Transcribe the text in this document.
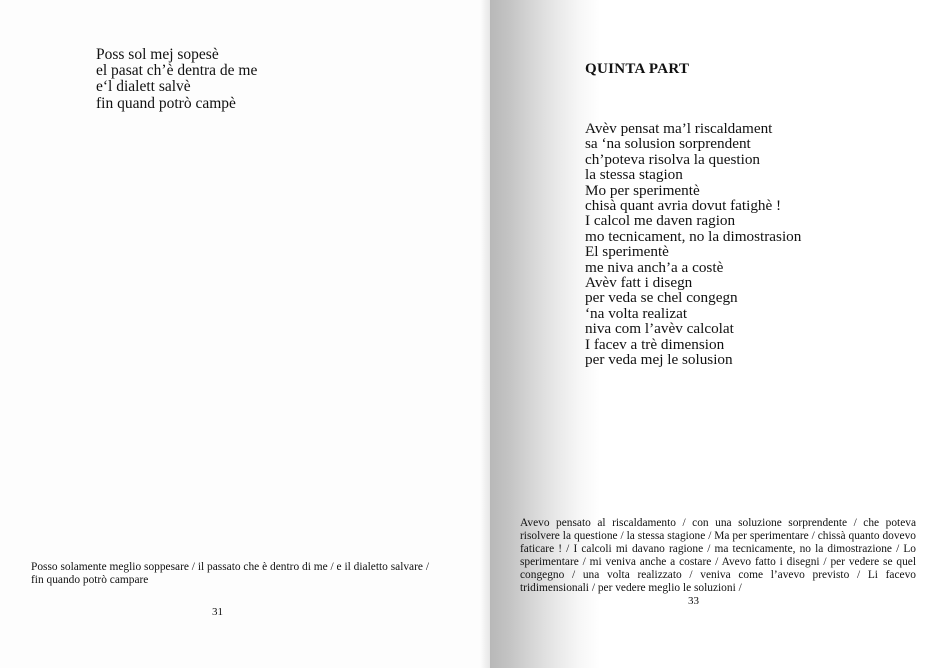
Poss sol mej sopesè
el pasat ch’è dentra de me
e‘l dialett salvè
fin quand potrò campè

Posso solamente meglio soppesare / il passato che è dentro di me / e il dialetto salvare / fin quando potrò campare

31
QUINTA PART
Avèv pensat ma’l riscaldament
sa ‘na solusion sorprendent
ch’poteva risolva la question
la stessa stagion
Mo per sperimentè
chisà quant avria dovut fatighè !
I calcol me daven ragion
mo tecnicament, no la dimostrasion
El sperimentè
me niva anch’a a costè
Avèv fatt i disegn
per veda se chel congegn
‘na volta realizat
niva com l’avèv calcolat
I facev a trè dimension
per veda mej le solusion

Avevo pensato al riscaldamento / con una soluzione sorprendente / che poteva risolvere la questione / la stessa stagione / Ma per sperimentare / chissà quanto dovevo faticare ! / I calcoli mi davano ragione / ma tecnicamente, no la dimostrazione / Lo sperimentare / mi veniva anche a costare / Avevo fatto i disegni / per vedere se quel congegno / una volta realizzato / veniva come l’avevo previsto / Li facevo tridimensionali / per vedere meglio le soluzioni /

33
